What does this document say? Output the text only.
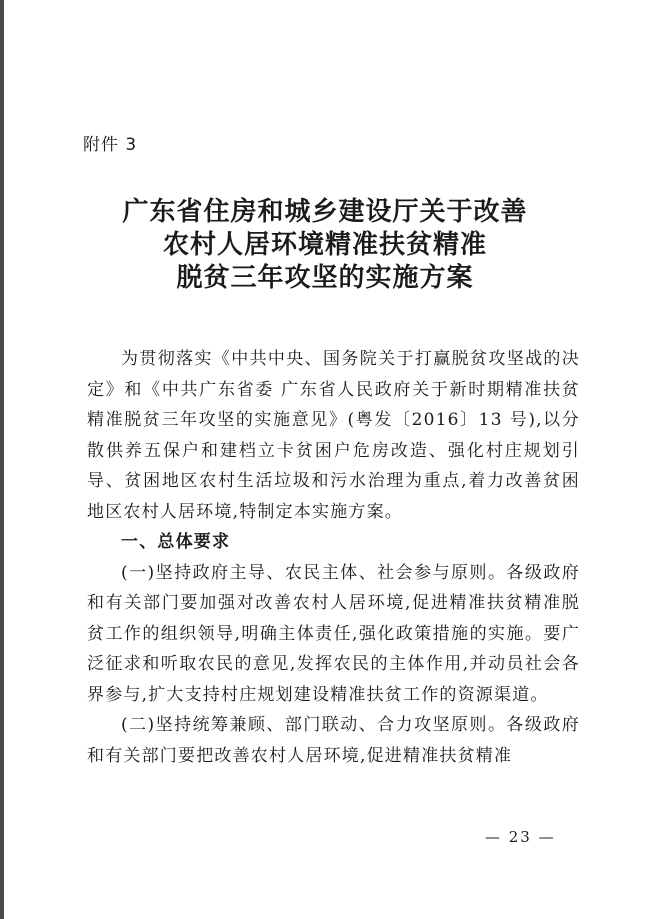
附件 3
广东省住房和城乡建设厅关于改善
农村人居环境精准扶贫精准
脱贫三年攻坚的实施方案

为贯彻落实《中共中央、国务院关于打赢脱贫攻坚战的决定》和《中共广东省委 广东省人民政府关于新时期精准扶贫精准脱贫三年攻坚的实施意见》(粤发〔2016〕13 号),以分散供养五保户和建档立卡贫困户危房改造、强化村庄规划引导、贫困地区农村生活垃圾和污水治理为重点,着力改善贫困地区农村人居环境,特制定本实施方案。

一、总体要求

(一)坚持政府主导、农民主体、社会参与原则。各级政府和有关部门要加强对改善农村人居环境,促进精准扶贫精准脱贫工作的组织领导,明确主体责任,强化政策措施的实施。要广泛征求和听取农民的意见,发挥农民的主体作用,并动员社会各界参与,扩大支持村庄规划建设精准扶贫工作的资源渠道。

(二)坚持统筹兼顾、部门联动、合力攻坚原则。各级政府和有关部门要把改善农村人居环境,促进精准扶贫精准

— 23 —
